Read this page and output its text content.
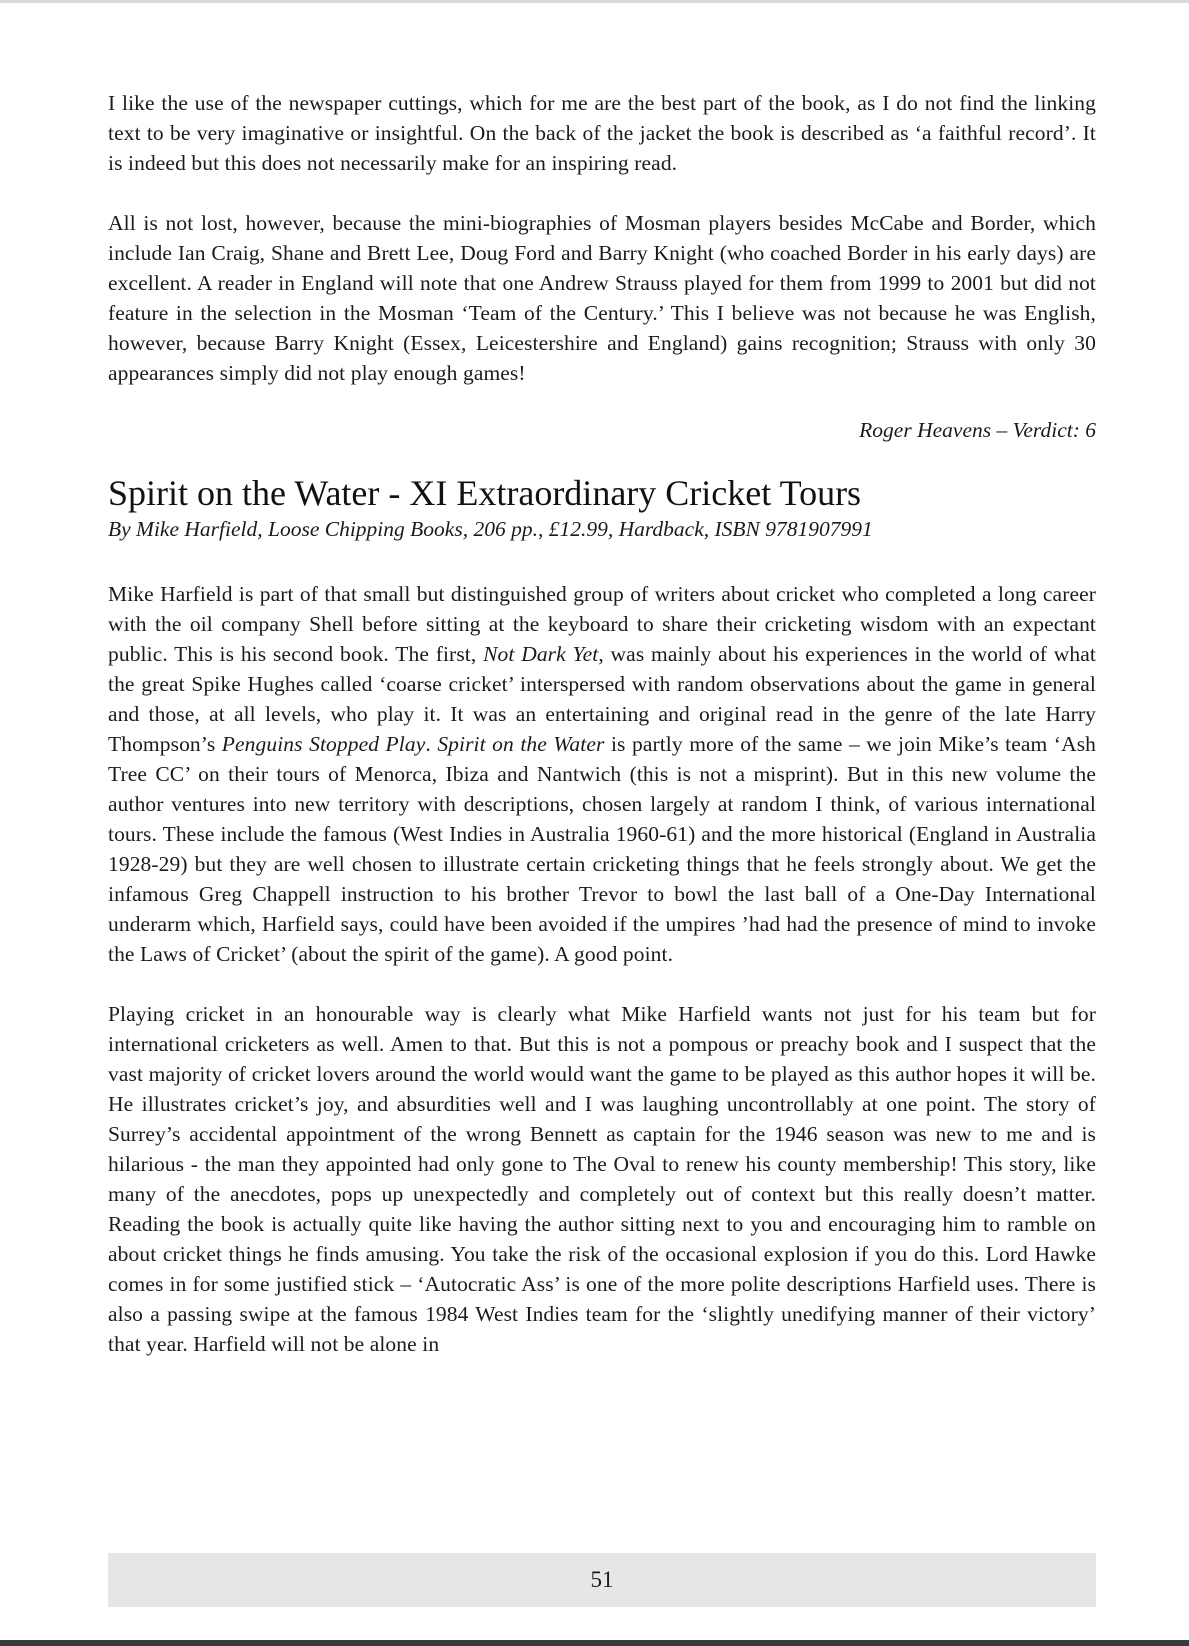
I like the use of the newspaper cuttings, which for me are the best part of the book, as I do not find the linking text to be very imaginative or insightful. On the back of the jacket the book is described as ‘a faithful record’. It is indeed but this does not necessarily make for an inspiring read.

All is not lost, however, because the mini-biographies of Mosman players besides McCabe and Border, which include Ian Craig, Shane and Brett Lee, Doug Ford and Barry Knight (who coached Border in his early days) are excellent. A reader in England will note that one Andrew Strauss played for them from 1999 to 2001 but did not feature in the selection in the Mosman ‘Team of the Century.’ This I believe was not because he was English, however, because Barry Knight (Essex, Leicestershire and England) gains recognition; Strauss with only 30 appearances simply did not play enough games!

Roger Heavens – Verdict: 6
Spirit on the Water - XI Extraordinary Cricket Tours
By Mike Harfield, Loose Chipping Books, 206 pp., £12.99, Hardback, ISBN 9781907991

Mike Harfield is part of that small but distinguished group of writers about cricket who completed a long career with the oil company Shell before sitting at the keyboard to share their cricketing wisdom with an expectant public. This is his second book. The first, Not Dark Yet, was mainly about his experiences in the world of what the great Spike Hughes called ‘coarse cricket’ interspersed with random observations about the game in general and those, at all levels, who play it. It was an entertaining and original read in the genre of the late Harry Thompson’s Penguins Stopped Play. Spirit on the Water is partly more of the same – we join Mike’s team ‘Ash Tree CC’ on their tours of Menorca, Ibiza and Nantwich (this is not a misprint). But in this new volume the author ventures into new territory with descriptions, chosen largely at random I think, of various international tours. These include the famous (West Indies in Australia 1960-61) and the more historical (England in Australia 1928-29) but they are well chosen to illustrate certain cricketing things that he feels strongly about. We get the infamous Greg Chappell instruction to his brother Trevor to bowl the last ball of a One-Day International underarm which, Harfield says, could have been avoided if the umpires ’had had the presence of mind to invoke the Laws of Cricket’ (about the spirit of the game). A good point.

Playing cricket in an honourable way is clearly what Mike Harfield wants not just for his team but for international cricketers as well. Amen to that. But this is not a pompous or preachy book and I suspect that the vast majority of cricket lovers around the world would want the game to be played as this author hopes it will be. He illustrates cricket’s joy, and absurdities well and I was laughing uncontrollably at one point. The story of Surrey’s accidental appointment of the wrong Bennett as captain for the 1946 season was new to me and is hilarious - the man they appointed had only gone to The Oval to renew his county membership! This story, like many of the anecdotes, pops up unexpectedly and completely out of context but this really doesn’t matter. Reading the book is actually quite like having the author sitting next to you and encouraging him to ramble on about cricket things he finds amusing. You take the risk of the occasional explosion if you do this. Lord Hawke comes in for some justified stick – ‘Autocratic Ass’ is one of the more polite descriptions Harfield uses. There is also a passing swipe at the famous 1984 West Indies team for the ‘slightly unedifying manner of their victory’ that year. Harfield will not be alone in

51
